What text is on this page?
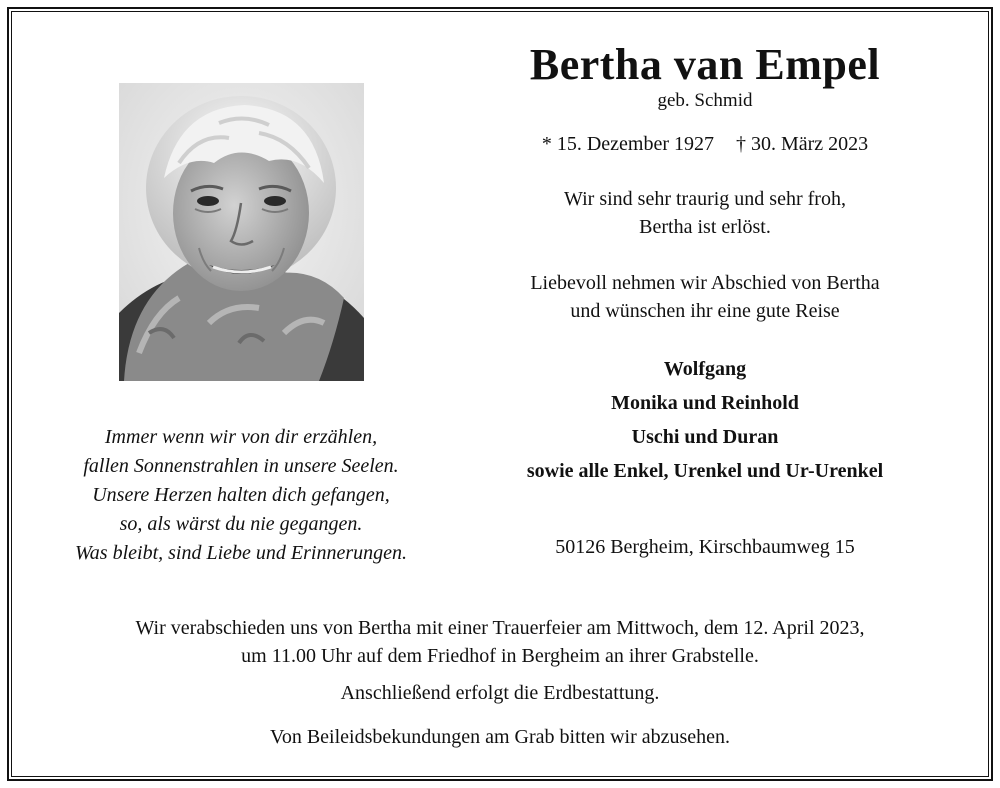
Bertha van Empel
geb. Schmid
* 15. Dezember 1927 † 30. März 2023
Wir sind sehr traurig und sehr froh,
Bertha ist erlöst.
Liebevoll nehmen wir Abschied von Bertha
und wünschen ihr eine gute Reise
Wolfgang
Monika und Reinhold
Uschi und Duran
sowie alle Enkel, Urenkel und Ur-Urenkel
50126 Bergheim, Kirschbaumweg 15
Immer wenn wir von dir erzählen,
fallen Sonnenstrahlen in unsere Seelen.
Unsere Herzen halten dich gefangen,
so, als wärst du nie gegangen.
Was bleibt, sind Liebe und Erinnerungen.
Wir verabschieden uns von Bertha mit einer Trauerfeier am Mittwoch, dem 12. April 2023,
um 11.00 Uhr auf dem Friedhof in Bergheim an ihrer Grabstelle.
Anschließend erfolgt die Erdbestattung.
Von Beileidsbekundungen am Grab bitten wir abzusehen.
